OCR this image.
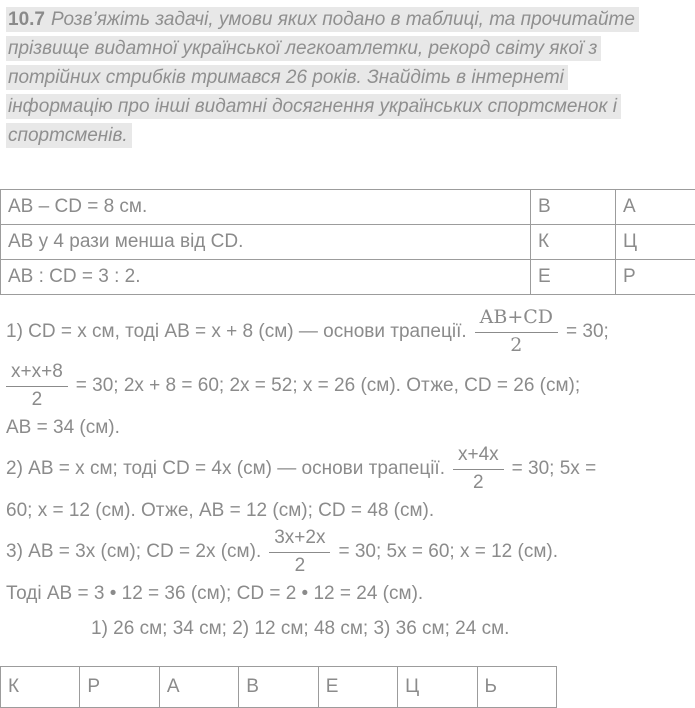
10.7 Розв’яжіть задачі, умови яких подано в таблиці, та прочитайте
прізвище видатної української легкоатлетки, рекорд світу якої з
потрійних стрибків тримався 26 років. Знайдіть в інтернеті
інформацію про інші видатні досягнення українських спортсменок і
спортсменів.
АВ – CD = 8 см.	В	А
АВ у 4 рази менша від CD.	К	Ц
АВ : CD = 3 : 2.	Е	Р
1) CD = х см, тоді АВ = х + 8 (см) — основи трапеції. $\frac{AB+CD}{2} = 30$;
$\frac{х+х+8}{2} = 30$; 2х + 8 = 60; 2х = 52; х = 26 (см). Отже, CD = 26 (см);
АВ = 34 (см).
2) АВ = х см; тоді CD = 4х (см) — основи трапеції. $\frac{х+4х}{2} = 30$; 5х =
60; х = 12 (см). Отже, АВ = 12 (см); CD = 48 (см).
3) АВ = 3х (см); CD = 2х (см). $\frac{3х+2х}{2} = 30$; 5х = 60; х = 12 (см).
Тоді АВ = 3 • 12 = 36 (см); CD = 2 • 12 = 24 (см).
1) 26 см; 34 см; 2) 12 см; 48 см; 3) 36 см; 24 см.
К	Р	А	В	Е	Ц	Ь
